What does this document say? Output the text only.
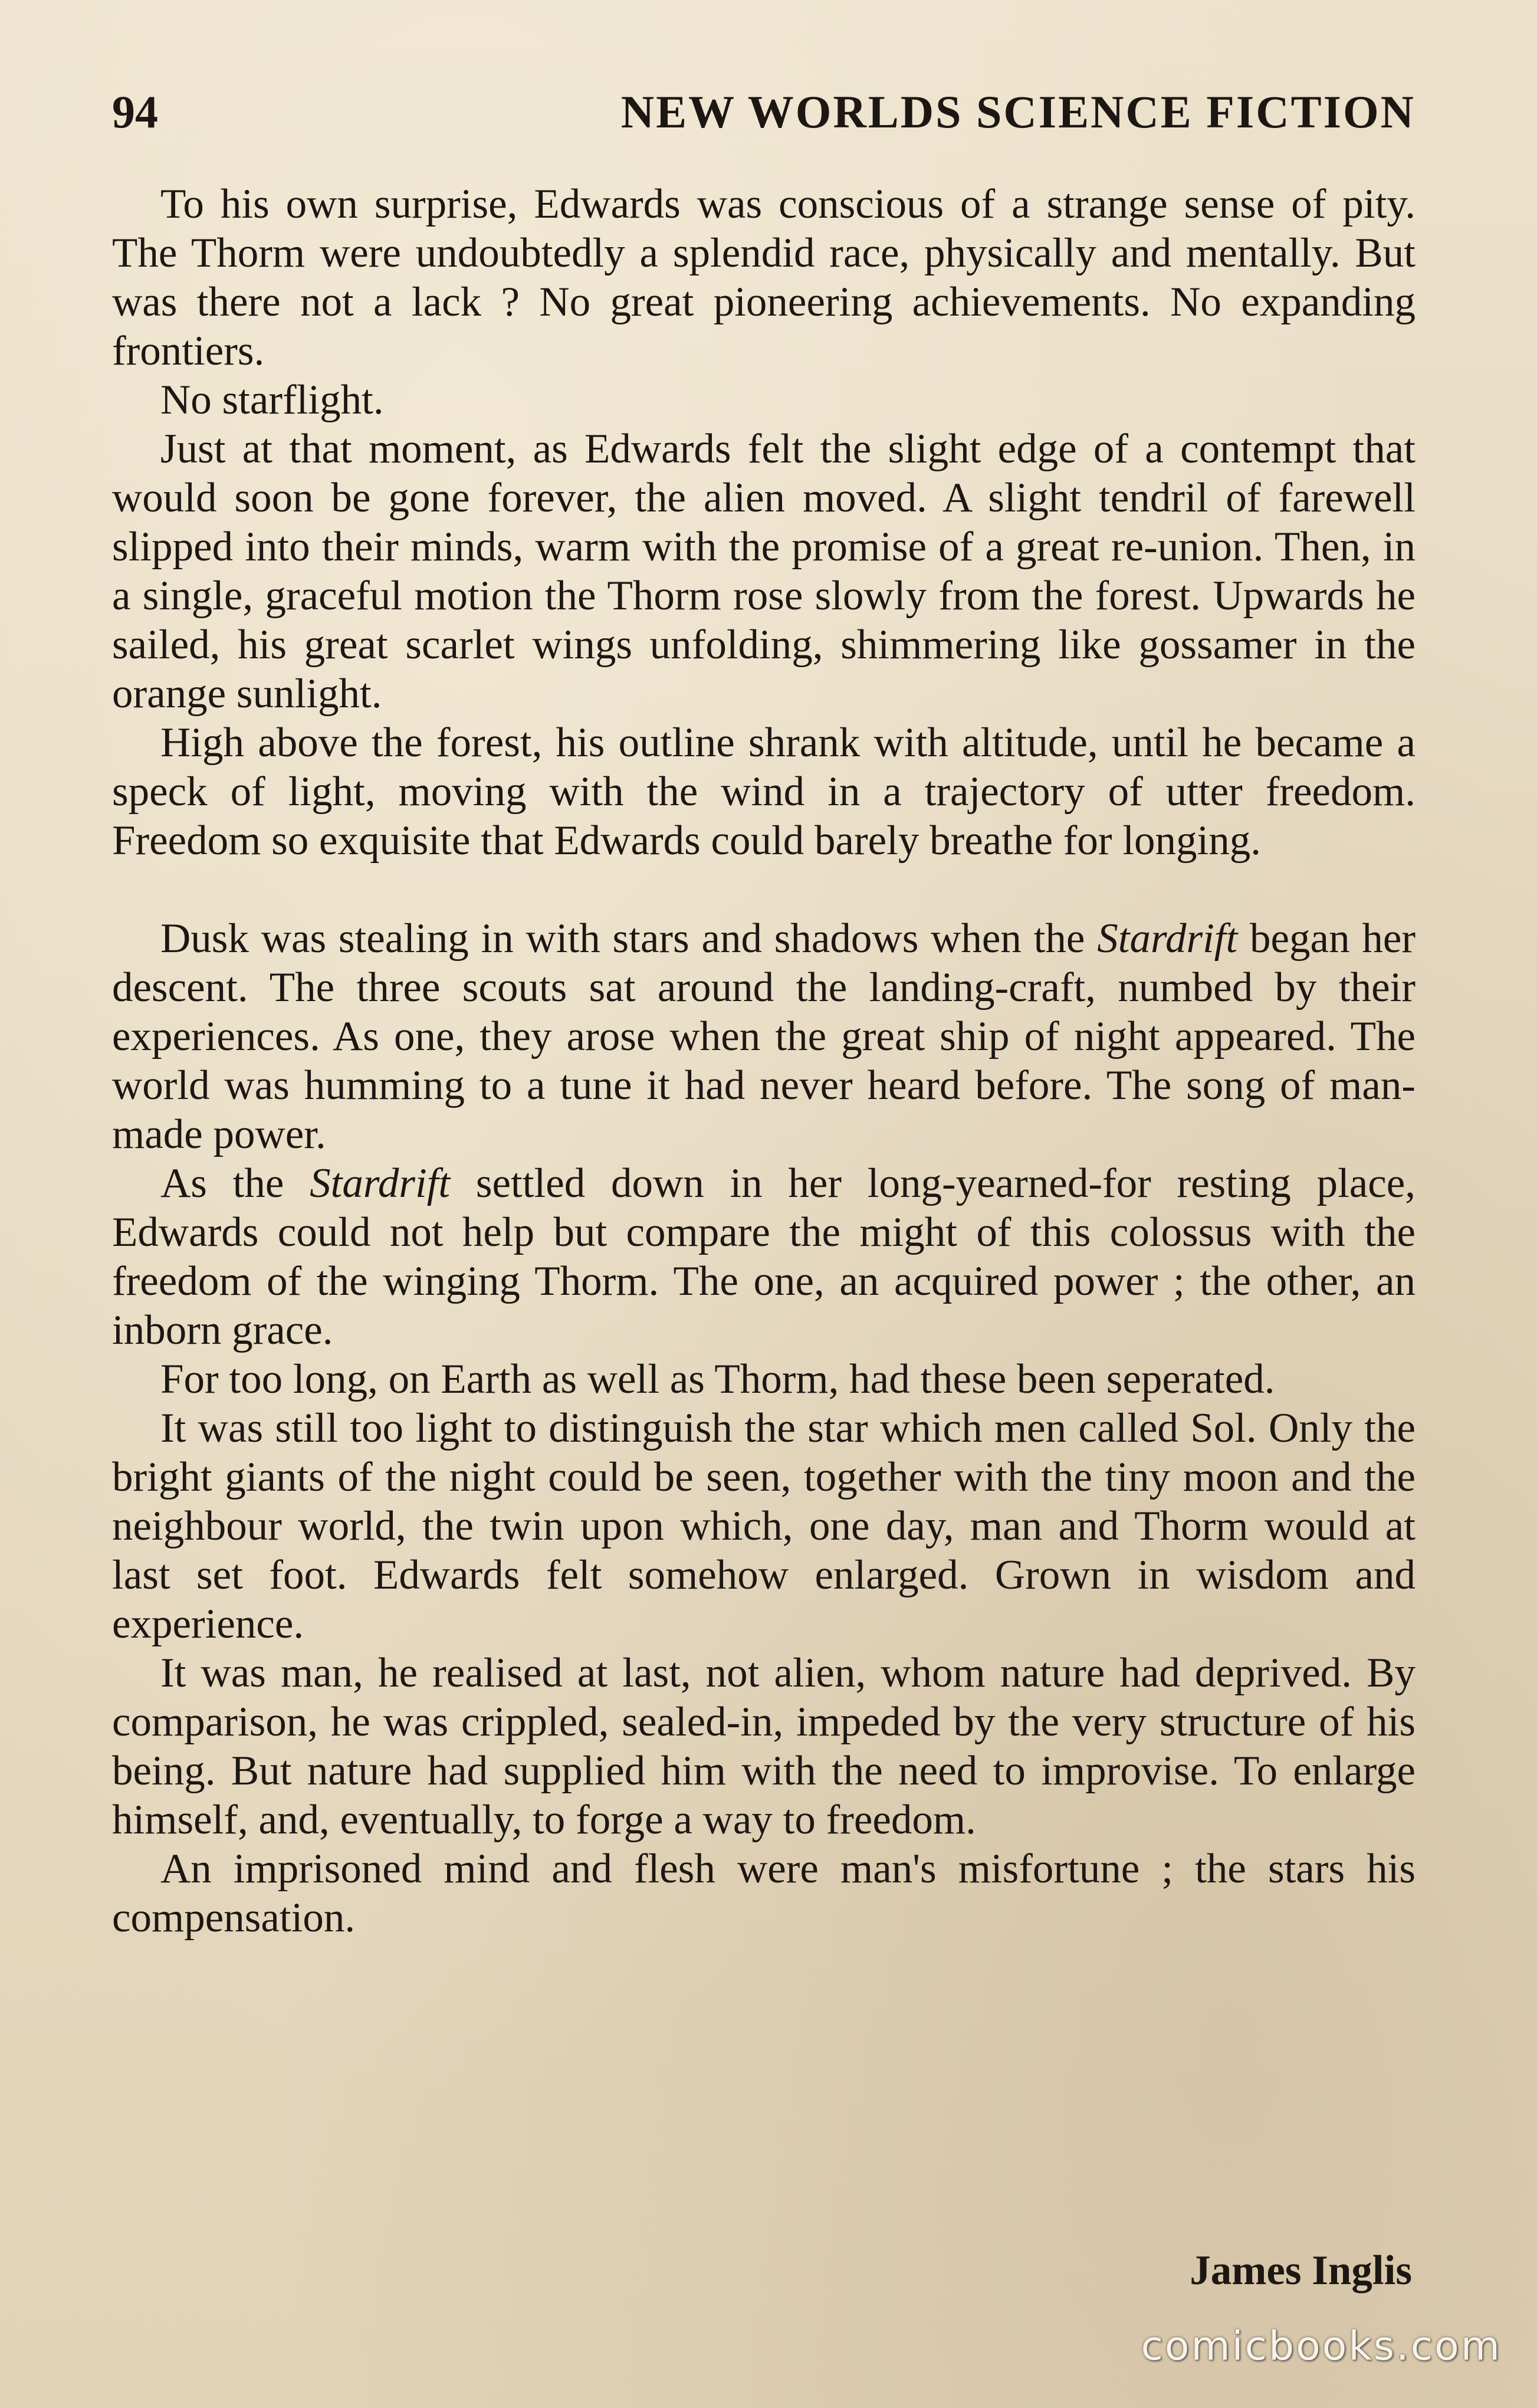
94	NEW WORLDS SCIENCE FICTION

To his own surprise, Edwards was conscious of a strange sense of pity. The Thorm were undoubtedly a splendid race, physically and mentally. But was there not a lack ? No great pioneering achievements. No expanding frontiers.

No starflight.

Just at that moment, as Edwards felt the slight edge of a contempt that would soon be gone forever, the alien moved. A slight tendril of farewell slipped into their minds, warm with the promise of a great re-union. Then, in a single, graceful motion the Thorm rose slowly from the forest. Upwards he sailed, his great scarlet wings unfolding, shimmering like gossamer in the orange sunlight.

High above the forest, his outline shrank with altitude, until he became a speck of light, moving with the wind in a trajectory of utter freedom. Freedom so exquisite that Edwards could barely breathe for longing.

Dusk was stealing in with stars and shadows when the Stardrift began her descent. The three scouts sat around the landing-craft, numbed by their experiences. As one, they arose when the great ship of night appeared. The world was humming to a tune it had never heard before. The song of man-made power.

As the Stardrift settled down in her long-yearned-for resting place, Edwards could not help but compare the might of this colossus with the freedom of the winging Thorm. The one, an acquired power ; the other, an inborn grace.

For too long, on Earth as well as Thorm, had these been seperated.

It was still too light to distinguish the star which men called Sol. Only the bright giants of the night could be seen, together with the tiny moon and the neighbour world, the twin upon which, one day, man and Thorm would at last set foot. Edwards felt somehow enlarged. Grown in wisdom and experience.

It was man, he realised at last, not alien, whom nature had deprived. By comparison, he was crippled, sealed-in, impeded by the very structure of his being. But nature had supplied him with the need to improvise. To enlarge himself, and, eventually, to forge a way to freedom.

An imprisoned mind and flesh were man's misfortune ; the stars his compensation.

James Inglis
comicbooks.com
